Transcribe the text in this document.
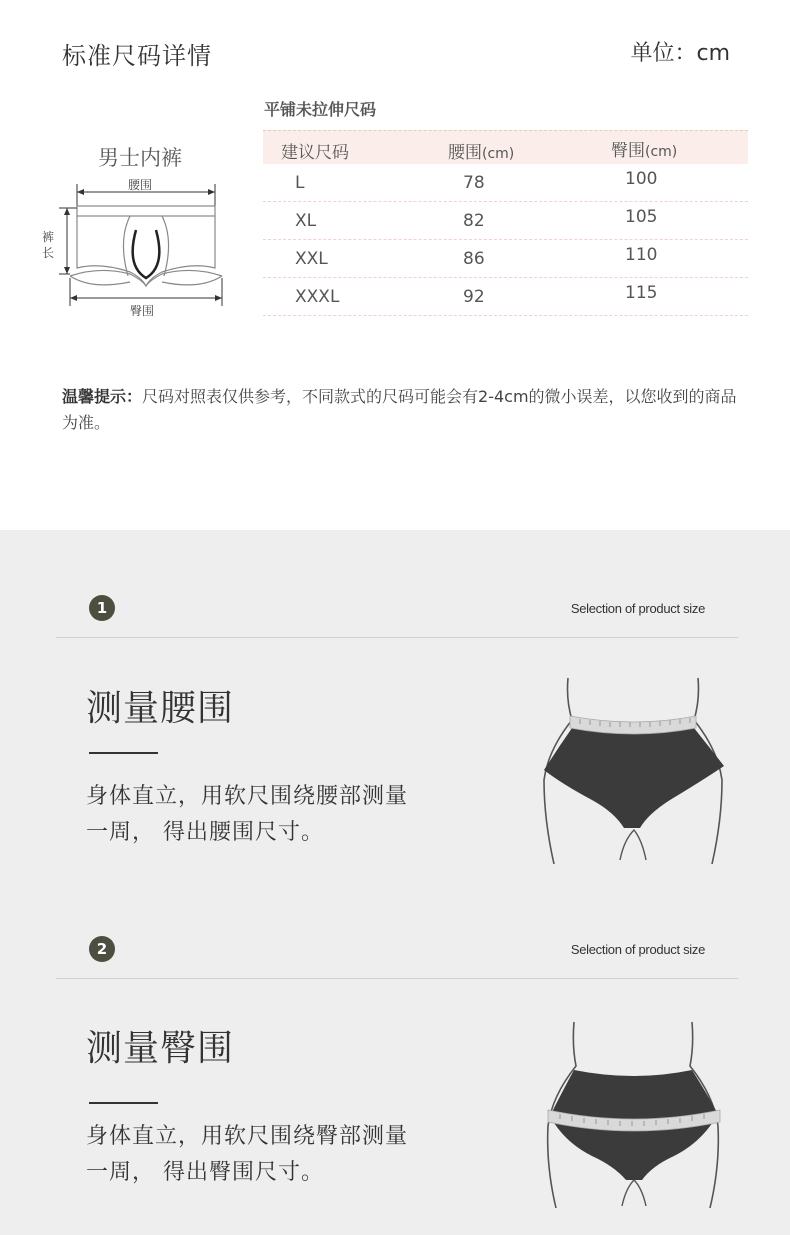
标准尺码详情	单位：cm
平铺未拉伸尺码
男士内裤
腰围
裤
长
臀围
建议尺码	腰围(cm)	臀围(cm)
L	78	100
XL	82	105
XXL	86	110
XXXL	92	115
温馨提示：尺码对照表仅供参考，不同款式的尺码可能会有2-4cm的微小误差，以您收到的商品为准。
1	Selection of product size
测量腰围
身体直立，用软尺围绕腰部测量
一周， 得出腰围尺寸。
2	Selection of product size
测量臀围
身体直立，用软尺围绕臀部测量
一周， 得出臀围尺寸。
